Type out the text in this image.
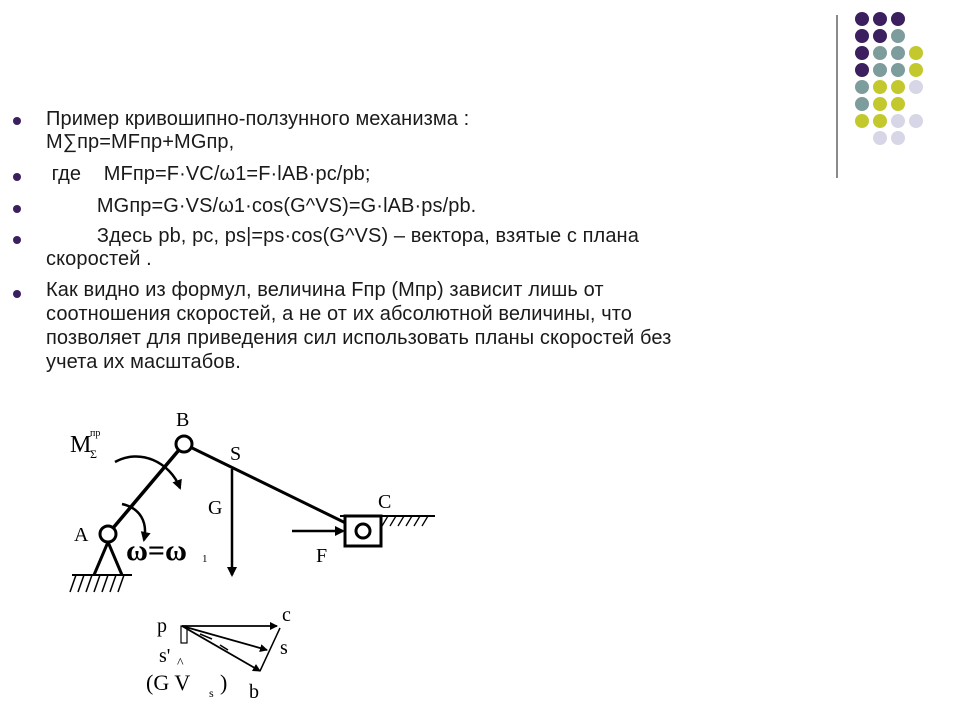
Пример кривошипно-ползунного механизма :
М∑пр=МFпр+МGпр,
где    МFпр=F·VC/ω1=F·lAB·pc/pb;
МGпр=G·VS/ω1·cos(G^VS)=G·lAB·ps/pb.
Здесь pb, pc, ps|=ps·cos(G^VS) – вектора, взятые с плана
скоростей .
Как видно из формул, величина Fпр (Мпр) зависит лишь от
соотношения скоростей, а не от их абсолютной величины, что
позволяет для приведения сил использовать планы скоростей без
учета их масштабов.
M
пр
Σ
A
B
S
C
G
F
ω=ω 1
p	c
s
b
s' ^
(G V s )
